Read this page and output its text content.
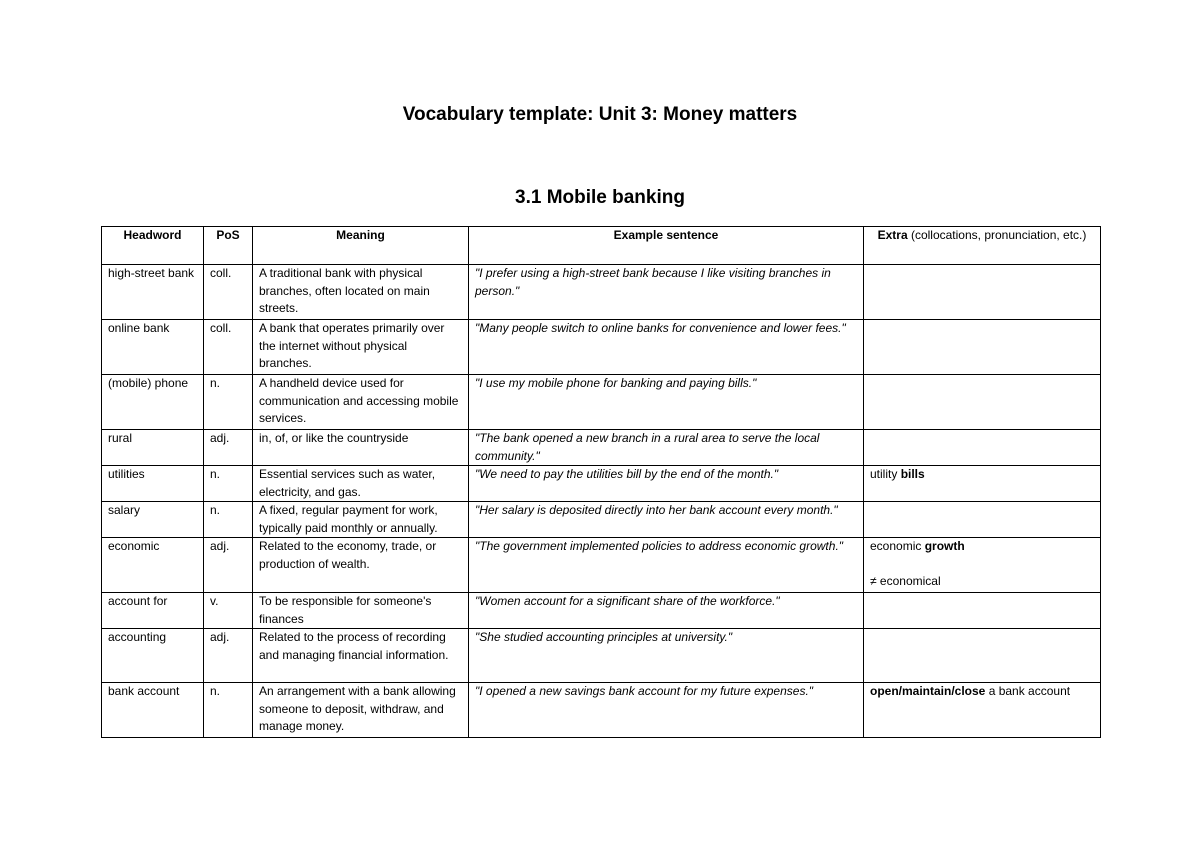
Vocabulary template: Unit 3: Money matters
3.1 Mobile banking
Headword	PoS	Meaning	Example sentence	Extra (collocations, pronunciation, etc.)
high-street bank	coll.	A traditional bank with physical branches, often located on main streets.	"I prefer using a high-street bank because I like visiting branches in person."	
online bank	coll.	A bank that operates primarily over the internet without physical branches.	"Many people switch to online banks for convenience and lower fees."	
(mobile) phone	n.	A handheld device used for communication and accessing mobile services.	"I use my mobile phone for banking and paying bills."	
rural	adj.	in, of, or like the countryside	"The bank opened a new branch in a rural area to serve the local community."	
utilities	n.	Essential services such as water, electricity, and gas.	"We need to pay the utilities bill by the end of the month."	utility bills
salary	n.	A fixed, regular payment for work, typically paid monthly or annually.	"Her salary is deposited directly into her bank account every month."	
economic	adj.	Related to the economy, trade, or production of wealth.	"The government implemented policies to address economic growth."	economic growth
≠ economical
account for	v.	To be responsible for someone's finances	"Women account for a significant share of the workforce."	
accounting	adj.	Related to the process of recording and managing financial information.	"She studied accounting principles at university."	
bank account	n.	An arrangement with a bank allowing someone to deposit, withdraw, and manage money.	"I opened a new savings bank account for my future expenses."	open/maintain/close a bank account
